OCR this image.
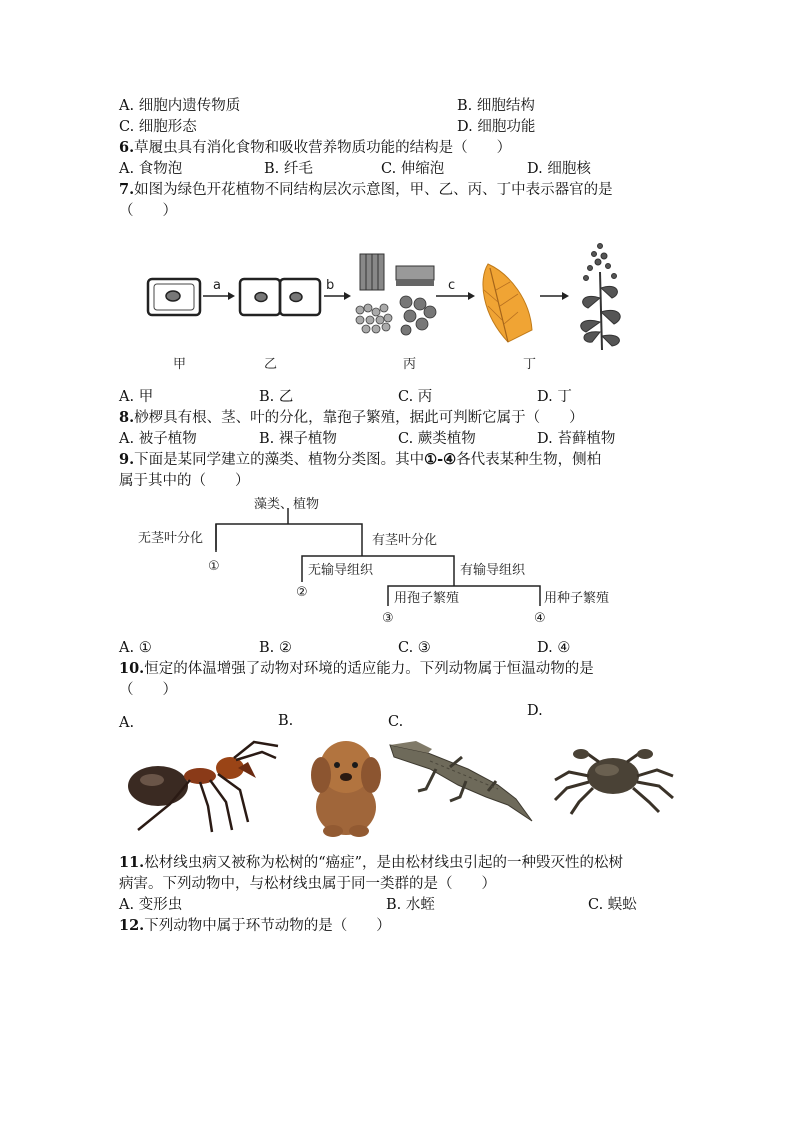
A. 细胞内遗传物质	B. 细胞结构
C. 细胞形态	D. 细胞功能
6.草履虫具有消化食物和吸收营养物质功能的结构是（　　）
A. 食物泡	B. 纤毛	C. 伸缩泡	D. 细胞核
7.如图为绿色开花植物不同结构层次示意图，甲、乙、丙、丁中表示器官的是
（　　）
a	b	c
甲	乙	丙	丁
A. 甲	B. 乙	C. 丙	D. 丁
8.桫椤具有根、茎、叶的分化，靠孢子繁殖，据此可判断它属于（　　）
A. 被子植物	B. 裸子植物	C. 蕨类植物	D. 苔藓植物
9.下面是某同学建立的藻类、植物分类图。其中①-④各代表某种生物，侧柏
属于其中的（　　）
藻类、植物
无茎叶分化	有茎叶分化
无输导组织	有输导组织
用孢子繁殖	用种子繁殖
①
②
③	④
A. ①	B. ②	C. ③	D. ④
10.恒定的体温增强了动物对环境的适应能力。下列动物属于恒温动物的是
（　　）
A.	B.	C.
D.
11.松材线虫病又被称为松树的“癌症”，是由松材线虫引起的一种毁灭性的松树
病害。下列动物中，与松材线虫属于同一类群的是（　　）
A. 变形虫	B. 水蛭	C. 蜈蚣
12.下列动物中属于环节动物的是（　　）
